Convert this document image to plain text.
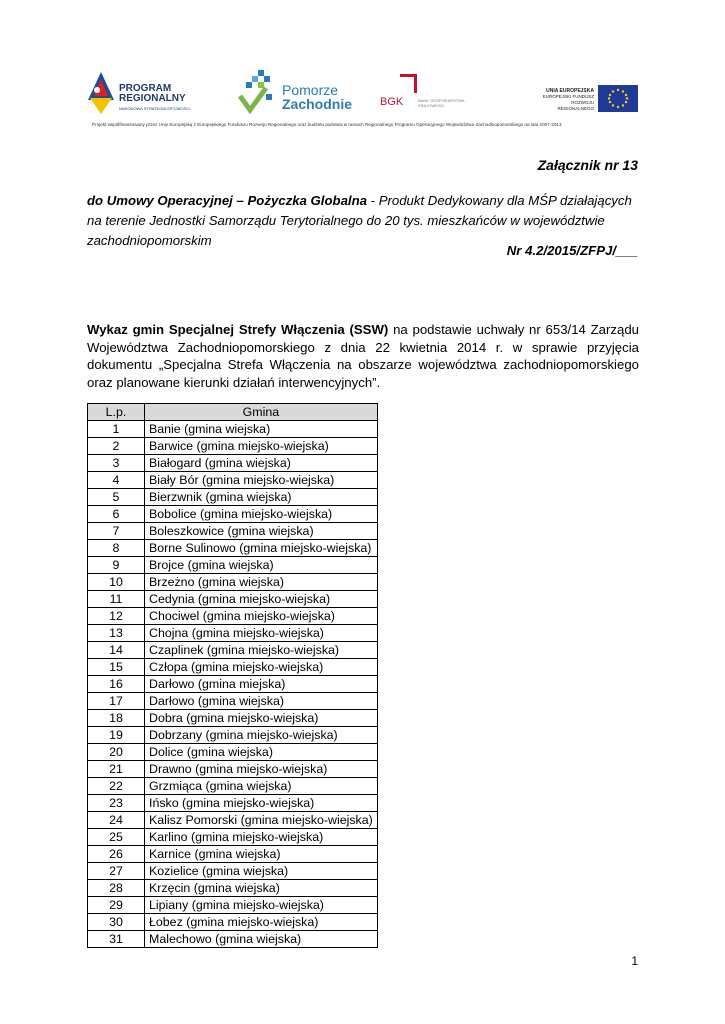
PROGRAM REGIONALNY
NARODOWA STRATEGIA SPÓJNOŚCI
Pomorze
Zachodnie	BGK	BANK GOSPODARSTWA KRAJOWEGO
UNIA EUROPEJSKA
EUROPEJSKI FUNDUSZ ROZWOJU REGIONALNEGO
Projekt współfinansowany przez Unię Europejską z Europejskiego Funduszu Rozwoju Regionalnego oraz budżetu państwa w ramach Regionalnego Programu Operacyjnego Województwa Zachodniopomorskiego na lata 2007-2013
Załącznik nr 13
do Umowy Operacyjnej – Pożyczka Globalna - Produkt Dedykowany dla MŚP działających na terenie Jednostki Samorządu Terytorialnego do 20 tys. mieszkańców w województwie zachodniopomorskim
Nr 4.2/2015/ZFPJ/___
Wykaz gmin Specjalnej Strefy Włączenia (SSW) na podstawie uchwały nr 653/14 Zarządu Województwa Zachodniopomorskiego z dnia 22 kwietnia 2014 r. w sprawie przyjęcia dokumentu „Specjalna Strefa Włączenia na obszarze województwa zachodniopomorskiego oraz planowane kierunki działań interwencyjnych”.
L.p.	Gmina
1	Banie (gmina wiejska)
2	Barwice (gmina miejsko-wiejska)
3	Białogard (gmina wiejska)
4	Biały Bór (gmina miejsko-wiejska)
5	Bierzwnik (gmina wiejska)
6	Bobolice (gmina miejsko-wiejska)
7	Boleszkowice (gmina wiejska)
8	Borne Sulinowo (gmina miejsko-wiejska)
9	Brojce (gmina wiejska)
10	Brzeżno (gmina wiejska)
11	Cedynia (gmina miejsko-wiejska)
12	Chociwel (gmina miejsko-wiejska)
13	Chojna (gmina miejsko-wiejska)
14	Czaplinek (gmina miejsko-wiejska)
15	Człopa (gmina miejsko-wiejska)
16	Darłowo (gmina miejska)
17	Darłowo (gmina wiejska)
18	Dobra (gmina miejsko-wiejska)
19	Dobrzany (gmina miejsko-wiejska)
20	Dolice (gmina wiejska)
21	Drawno (gmina miejsko-wiejska)
22	Grzmiąca (gmina wiejska)
23	Ińsko (gmina miejsko-wiejska)
24	Kalisz Pomorski (gmina miejsko-wiejska)
25	Karlino (gmina miejsko-wiejska)
26	Karnice (gmina wiejska)
27	Kozielice (gmina wiejska)
28	Krzęcin (gmina wiejska)
29	Lipiany (gmina miejsko-wiejska)
30	Łobez (gmina miejsko-wiejska)
31	Malechowo (gmina wiejska)
1
